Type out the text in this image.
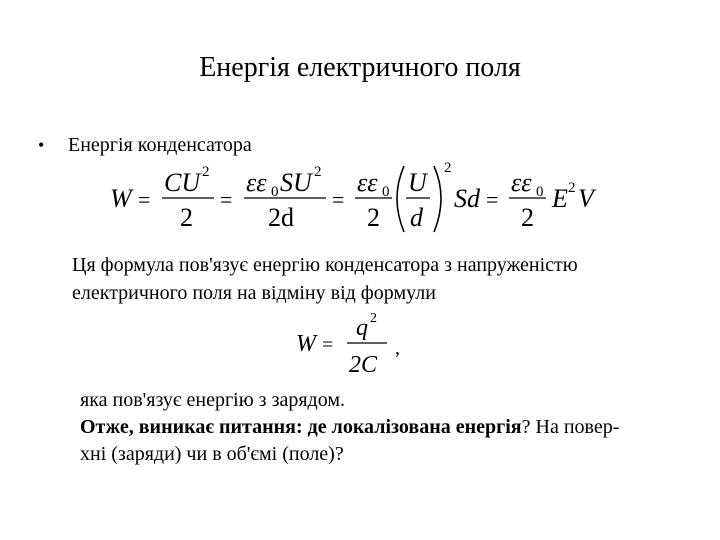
Енергія електричного поля
•	Енергія конденсатора
W =
CU 2
2
=
εε 0 SU 2
2d
=
εε 0
2
U
d
2
Sd =
εε 0
2
E 2 V
Ця формула пов'язує енергію конденсатора з напруженістю
електричного поля на відміну від формули
W =
q 2
2C
,
яка пов'язує енергію з зарядом.
Отже, виникає питання: де локалізована енергія? На повер-
хні (заряди) чи в об'ємі (поле)?
